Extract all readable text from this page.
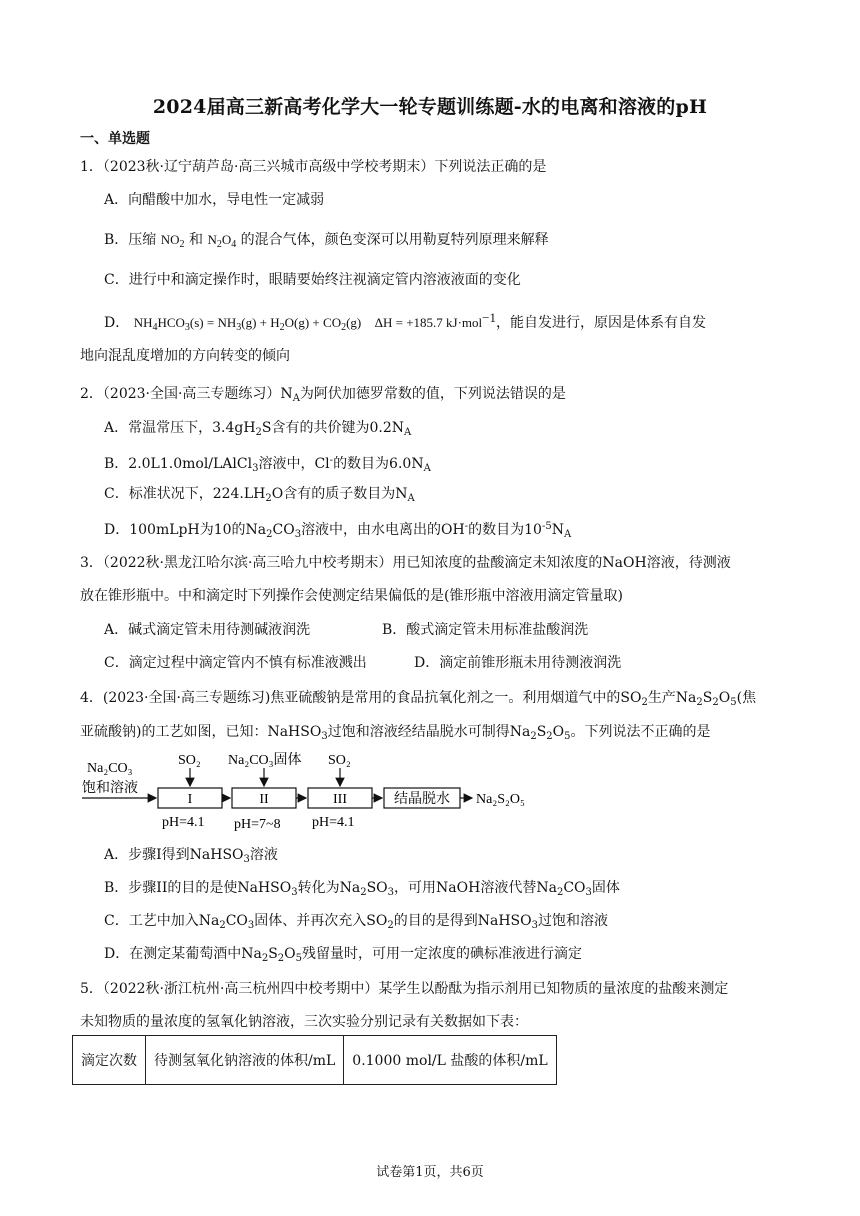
2024届高三新高考化学大一轮专题训练题-水的电离和溶液的pH
一、单选题
1．（2023秋·辽宁葫芦岛·高三兴城市高级中学校考期末）下列说法正确的是
A．向醋酸中加水，导电性一定减弱
B．压缩 $NO_2$ 和 $N_2O_4$ 的混合气体，颜色变深可以用勒夏特列原理来解释
C．进行中和滴定操作时，眼睛要始终注视滴定管内溶液液面的变化
D． $NH_4HCO_3(s) = NH_3(g) + H_2O(g) + CO_2(g) \Delta H = +185.7$ kJ·mol$^{-1}$，能自发进行，原因是体系有自发
地向混乱度增加的方向转变的倾向
2．（2023·全国·高三专题练习）$N_A$为阿伏加德罗常数的值，下列说法错误的是
A．常温常压下，$3.4gH_2S$含有的共价键为$0.2N_A$
B．2.0L1.0mol/LAlCl$_3$溶液中，Cl-的数目为$6.0N_A$
C．标准状况下，$224.LH_2O$含有的质子数目为$N_A$
D．100mLpH为10的$Na_2CO_3$溶液中，由水电离出的OH-的数目为$10^{-5}N_A$
3．（2022秋·黑龙江哈尔滨·高三哈九中校考期末）用已知浓度的盐酸滴定未知浓度的NaOH溶液，待测液
放在锥形瓶中。中和滴定时下列操作会使测定结果偏低的是(锥形瓶中溶液用滴定管量取)
A．碱式滴定管未用待测碱液润洗	B．酸式滴定管未用标准盐酸润洗
C．滴定过程中滴定管内不慎有标准液溅出	D．滴定前锥形瓶未用待测液润洗
4．(2023·全国·高三专题练习)焦亚硫酸钠是常用的食品抗氧化剂之一。利用烟道气中的$SO_2$生产$Na_2S_2O_5$(焦
亚硫酸钠)的工艺如图，已知：NaHSO$_3$过饱和溶液经结晶脱水可制得$Na_2S_2O_5$。下列说法不正确的是
Na₂CO₃
饱和溶液
SO₂
I
pH=4.1
Na₂CO₃固体
II
pH=7~8
SO₂
III
pH=4.1
结晶脱水 Na₂S₂O₅
A．步骤I得到NaHSO$_3$溶液
B．步骤II的目的是使NaHSO$_3$转化为$Na_2SO_3$，可用NaOH溶液代替$Na_2CO_3$固体
C．工艺中加入$Na_2CO_3$固体、并再次充入$SO_2$的目的是得到NaHSO$_3$过饱和溶液
D．在测定某葡萄酒中$Na_2S_2O_5$残留量时，可用一定浓度的碘标准液进行滴定
5．（2022秋·浙江杭州·高三杭州四中校考期中）某学生以酚酞为指示剂用已知物质的量浓度的盐酸来测定
未知物质的量浓度的氢氧化钠溶液，三次实验分别记录有关数据如下表：
滴定次数	待测氢氧化钠溶液的体积/mL	0.1000 mol/L 盐酸的体积/mL
试卷第1页，共6页
